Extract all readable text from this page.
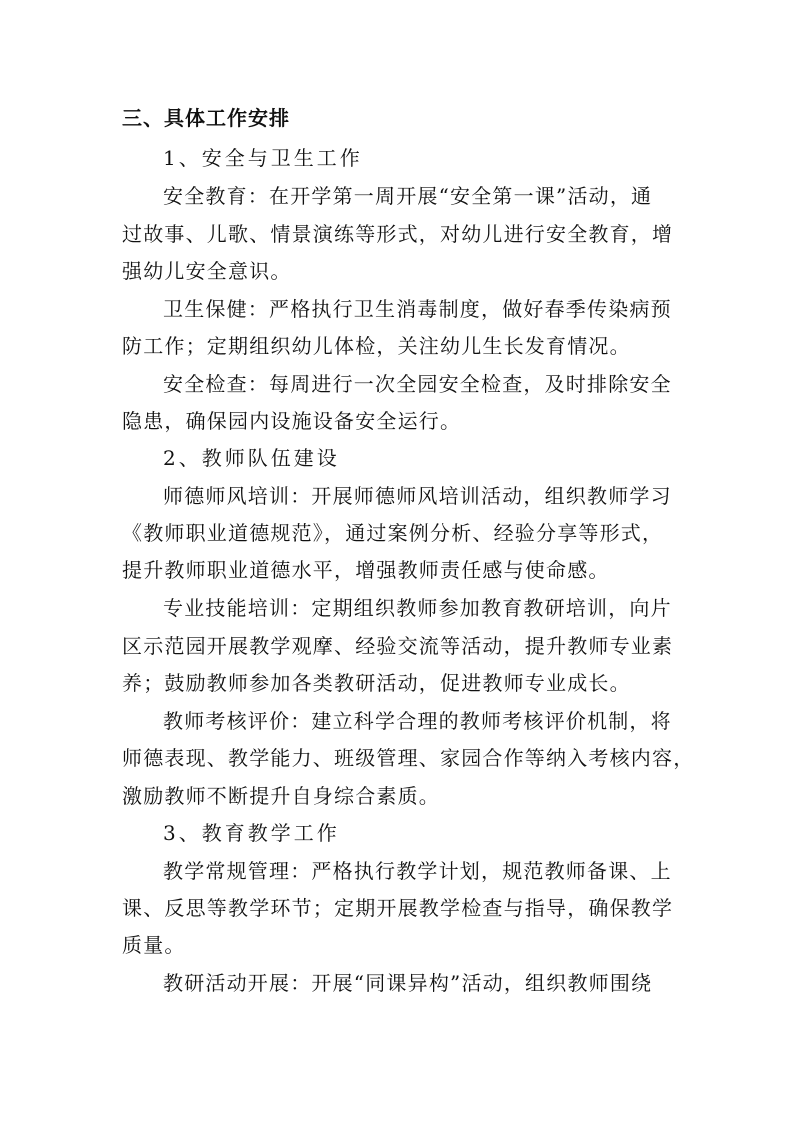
三、具体工作安排
1、安全与卫生工作
安全教育：在开学第一周开展“安全第一课”活动，通
过故事、儿歌、情景演练等形式，对幼儿进行安全教育，增
强幼儿安全意识。
卫生保健：严格执行卫生消毒制度，做好春季传染病预
防工作；定期组织幼儿体检，关注幼儿生长发育情况。
安全检查：每周进行一次全园安全检查，及时排除安全
隐患，确保园内设施设备安全运行。
2、教师队伍建设
师德师风培训：开展师德师风培训活动，组织教师学习
《教师职业道德规范》，通过案例分析、经验分享等形式，
提升教师职业道德水平，增强教师责任感与使命感。
专业技能培训：定期组织教师参加教育教研培训，向片
区示范园开展教学观摩、经验交流等活动，提升教师专业素
养；鼓励教师参加各类教研活动，促进教师专业成长。
教师考核评价：建立科学合理的教师考核评价机制，将
师德表现、教学能力、班级管理、家园合作等纳入考核内容，
激励教师不断提升自身综合素质。
3、教育教学工作
教学常规管理：严格执行教学计划，规范教师备课、上
课、反思等教学环节；定期开展教学检查与指导，确保教学
质量。
教研活动开展：开展“同课异构”活动，组织教师围绕
